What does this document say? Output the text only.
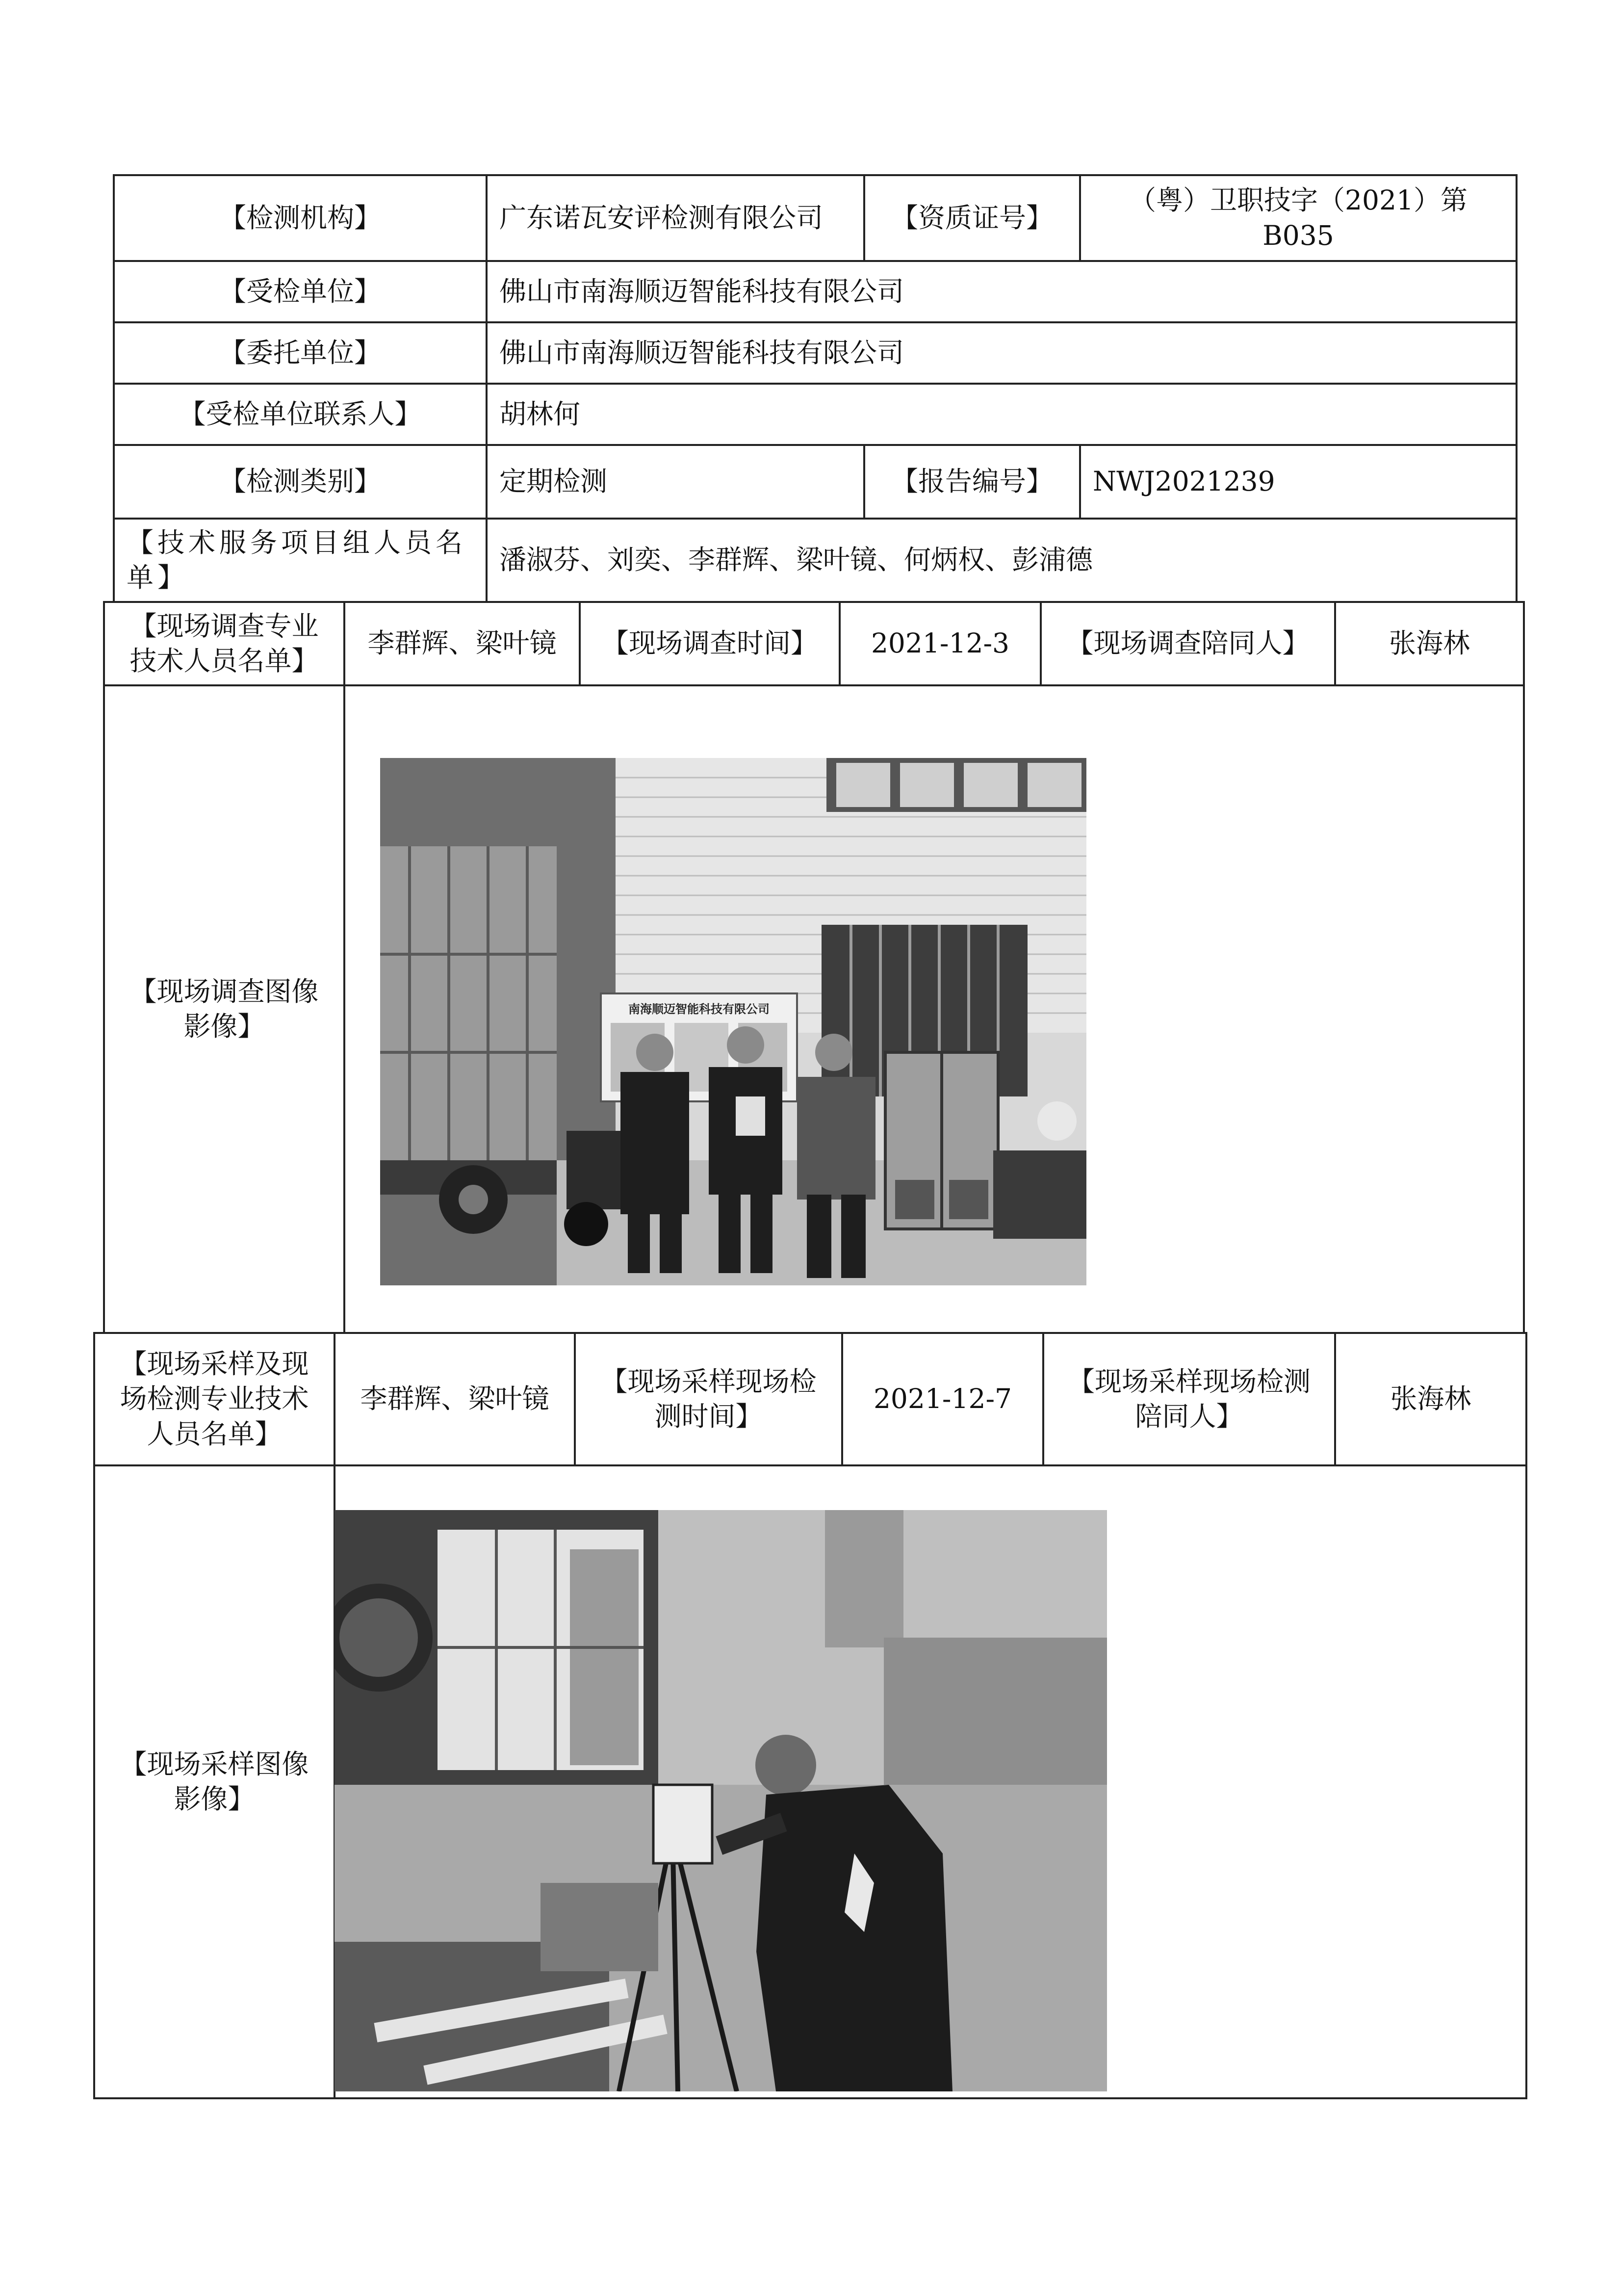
【检测机构】	广东诺瓦安评检测有限公司	【资质证号】	（粤）卫职技字（2021）第 B035
【受检单位】	佛山市南海顺迈智能科技有限公司		
【委托单位】	佛山市南海顺迈智能科技有限公司		
【受检单位联系人】	胡林何		
【检测类别】	定期检测	【报告编号】	NWJ2021239
【技术服务项目组人员名单】	潘淑芬、刘奕、李群辉、梁叶镜、何炳权、彭浦德		
【现场调查专业技术人员名单】	李群辉、梁叶镜	【现场调查时间】	2021-12-3	【现场调查陪同人】	张海林
【现场调查图像影像】					
【现场采样及现场检测专业技术人员名单】	李群辉、梁叶镜	【现场采样现场检测时间】	2021-12-7	【现场采样现场检测陪同人】	张海林
【现场采样图像影像】					
南海顺迈智能科技有限公司
